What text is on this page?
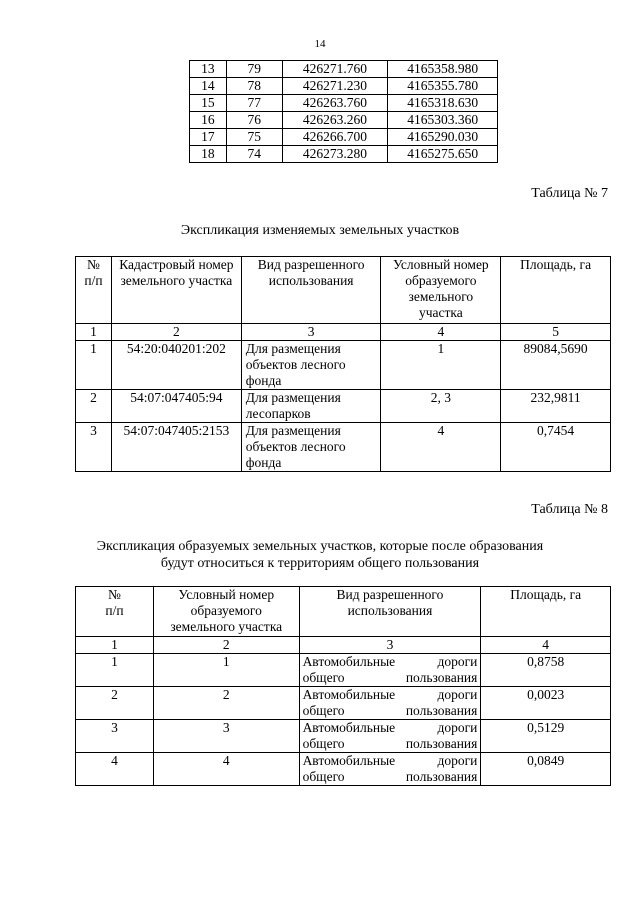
14
13	79	426271.760	4165358.980
14	78	426271.230	4165355.780
15	77	426263.760	4165318.630
16	76	426263.260	4165303.360
17	75	426266.700	4165290.030
18	74	426273.280	4165275.650
Таблица № 7
Экспликация изменяемых земельных участков
№ п/п	Кадастровый номер земельного участка	Вид разрешенного использования	Условный номер образуемого земельного участка	Площадь, га
1	2	3	4	5
1	54:20:040201:202	Для размещения объектов лесного фонда	1	89084,5690
2	54:07:047405:94	Для размещения лесопарков	2, 3	232,9811
3	54:07:047405:2153	Для размещения объектов лесного фонда	4	0,7454
Таблица № 8
Экспликация образуемых земельных участков, которые после образования
будут относиться к территориям общего пользования
№ п/п	Условный номер образуемого земельного участка	Вид разрешенного использования	Площадь, га
1	2	3	4
1	1	Автомобильные дороги общего пользования	0,8758
2	2	Автомобильные дороги общего пользования	0,0023
3	3	Автомобильные дороги общего пользования	0,5129
4	4	Автомобильные дороги общего пользования	0,0849
